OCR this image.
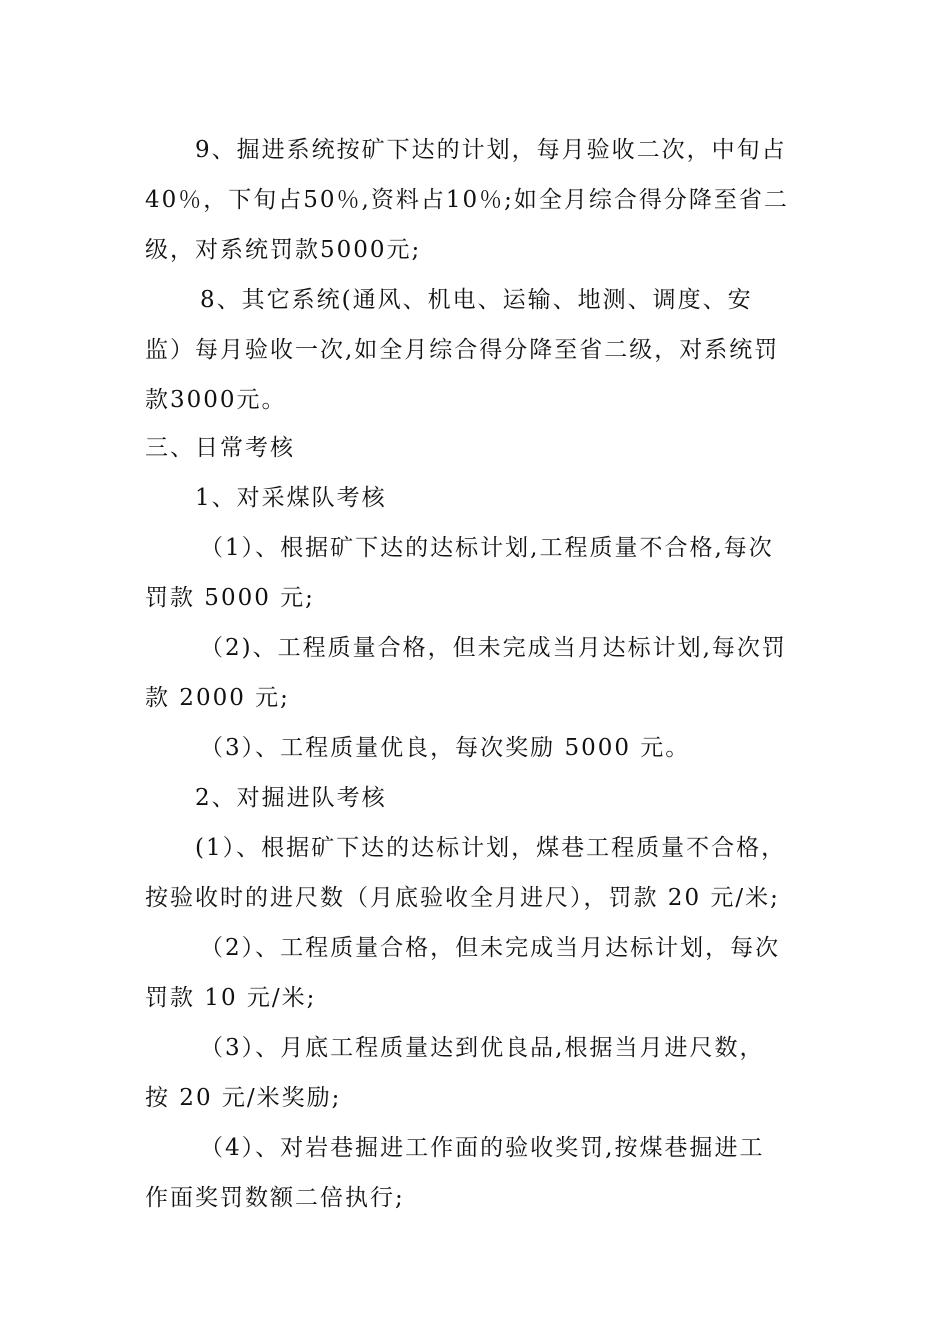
9、掘进系统按矿下达的计划，每月验收二次，中旬占
40％，下旬占50％,资料占10％;如全月综合得分降至省二
级，对系统罚款5000元;
8、其它系统(通风、机电、运输、地测、调度、安
监）每月验收一次,如全月综合得分降至省二级，对系统罚
款3000元。
三、日常考核
1、对采煤队考核
（1）、根据矿下达的达标计划,工程质量不合格,每次
罚款 5000 元;
（2)、工程质量合格，但未完成当月达标计划,每次罚
款 2000 元;
（3）、工程质量优良，每次奖励 5000 元。
2、对掘进队考核
(1）、根据矿下达的达标计划，煤巷工程质量不合格，
按验收时的进尺数（月底验收全月进尺），罚款 20 元/米;
（2）、工程质量合格，但未完成当月达标计划，每次
罚款 10 元/米;
（3）、月底工程质量达到优良品,根据当月进尺数，
按 20 元/米奖励;
（4）、对岩巷掘进工作面的验收奖罚,按煤巷掘进工
作面奖罚数额二倍执行;
